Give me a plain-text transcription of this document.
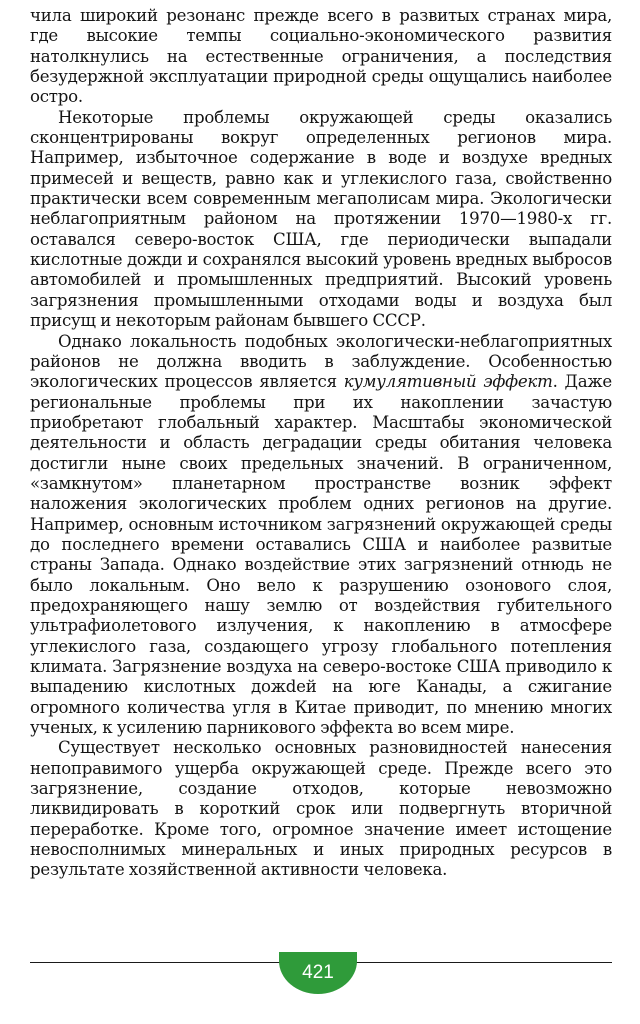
чила широкий резонанс прежде всего в развитых странах мира, где высокие темпы социально-экономического развития натолкнулись на естественные ограничения, а последствия безудержной эксплуатации природной среды ощущались наиболее остро.

Некоторые проблемы окружающей среды оказались сконцентрированы вокруг определенных регионов мира. Например, избыточное содержание в воде и воздухе вредных примесей и веществ, равно как и углекислого газа, свойственно практически всем современным мегаполисам мира. Экологически неблагоприятным районом на протяжении 1970—1980-х гг. оставался северо-восток США, где периодически выпадали кислотные дожди и сохранялся высокий уровень вредных выбросов автомобилей и промышленных предприятий. Высокий уровень загрязнения промышленными отходами воды и воздуха был присущ и некоторым районам бывшего СССР.

Однако локальность подобных экологически-неблагоприятных районов не должна вводить в заблуждение. Особенностью экологических процессов является кумулятивный эффект. Даже региональные проблемы при их накоплении зачастую приобретают глобальный характер. Масштабы экономической деятельности и область деградации среды обитания человека достигли ныне своих предельных значений. В ограниченном, «замкнутом» планетарном пространстве возник эффект наложения экологических проблем одних регионов на другие. Например, основным источником загрязнений окружающей среды до последнего времени оставались США и наиболее развитые страны Запада. Однако воздействие этих загрязнений отнюдь не было локальным. Оно вело к разрушению озонового слоя, предохраняющего нашу землю от воздействия губительного ультрафиолетового излучения, к накоплению в атмосфере углекислого газа, создающего угрозу глобального потепления климата. Загрязнение воздуха на северо-востоке США приводило к выпадению кислотных дожdей на юге Канады, а сжигание огромного количества угля в Китае приводит, по мнению многих ученых, к усилению парникового эффекта во всем мире.

Существует несколько основных разновидностей нанесения непоправимого ущерба окружающей среде. Прежде всего это загрязнение, создание отходов, которые невозможно ликвидировать в короткий срок или подвергнуть вторичной переработке. Кроме того, огромное значение имеет истощение невосполнимых минеральных и иных природных ресурсов в результате хозяйственной активности человека.

421
